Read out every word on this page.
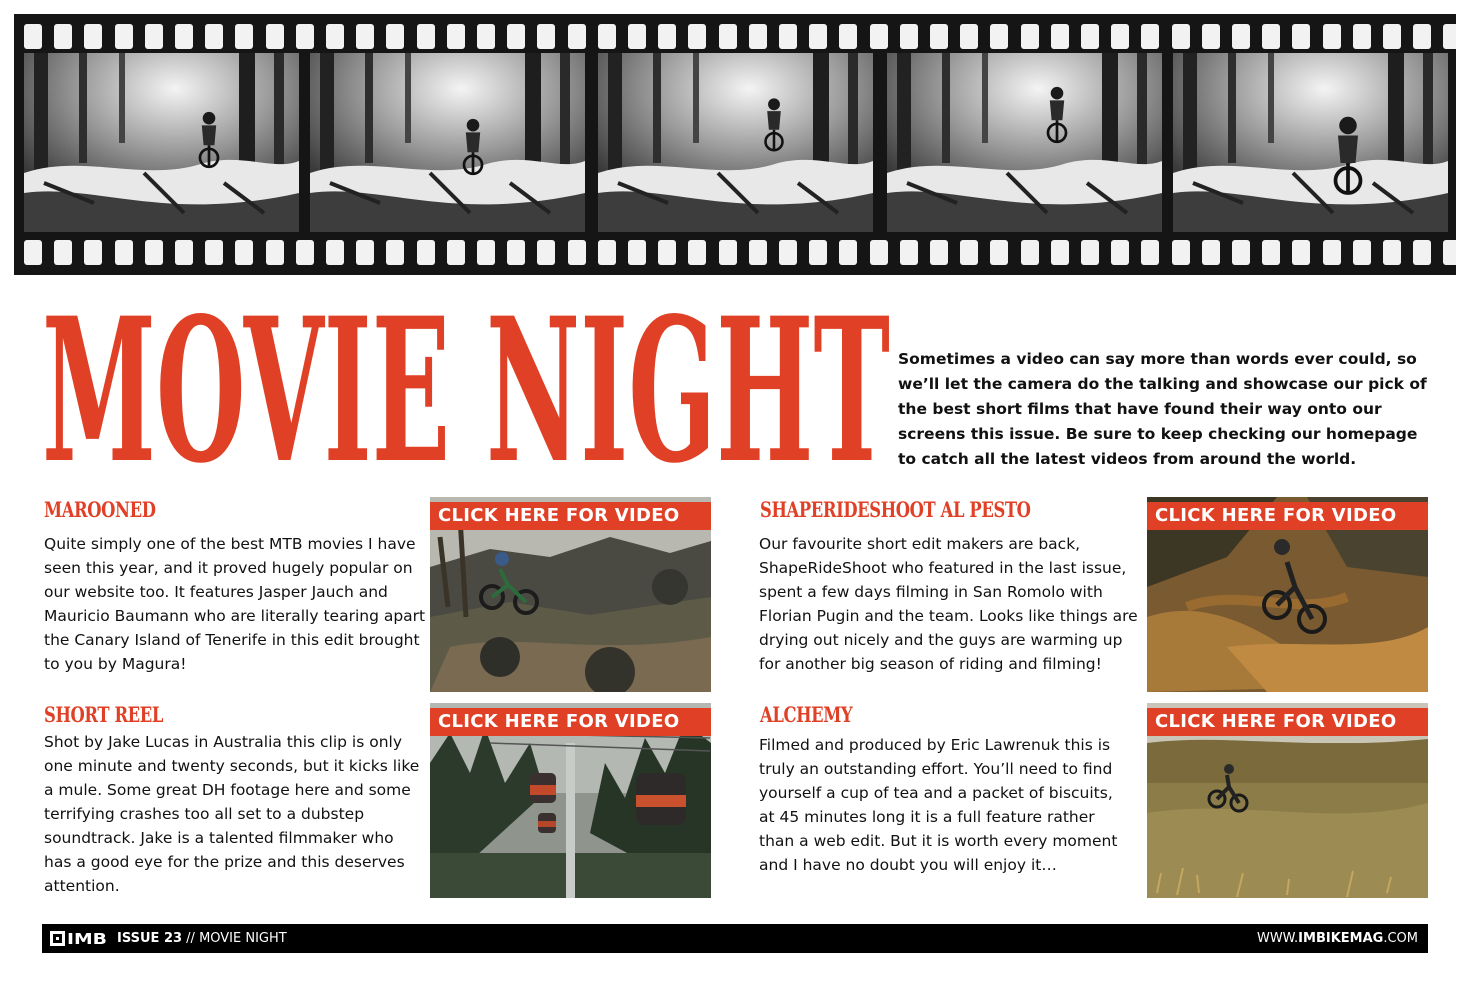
MOVIE NIGHT Sometimes a video can say more than words ever could, so we’ll let the camera do the talking and showcase our pick of the best short films that have found their way onto our screens this issue. Be sure to keep checking our homepage to catch all the latest videos from around the world.

MAROONED

Quite simply one of the best MTB movies I have seen this year, and it proved hugely popular on our website too. It features Jasper Jauch and Mauricio Baumann who are literally tearing apart the Canary Island of Tenerife in this edit brought to you by Magura!

CLICK HERE FOR VIDEO
SHORT REEL

Shot by Jake Lucas in Australia this clip is only one minute and twenty seconds, but it kicks like a mule. Some great DH footage here and some terrifying crashes too all set to a dubstep soundtrack. Jake is a talented filmmaker who has a good eye for the prize and this deserves attention.

CLICK HERE FOR VIDEO
SHAPERIDESHOOT AL PESTO

Our favourite short edit makers are back, ShapeRideShoot who featured in the last issue, spent a few days filming in San Romolo with Florian Pugin and the team. Looks like things are drying out nicely and the guys are warming up for another big season of riding and filming!

CLICK HERE FOR VIDEO
ALCHEMY

Filmed and produced by Eric Lawrenuk this is truly an outstanding effort. You’ll need to find yourself a cup of tea and a packet of biscuits, at 45 minutes long it is a full feature rather than a web edit. But it is worth every moment and I have no doubt you will enjoy it…

CLICK HERE FOR VIDEO
IMB ISSUE 23 // MOVIE NIGHT	WWW.IMBIKEMAG.COM
